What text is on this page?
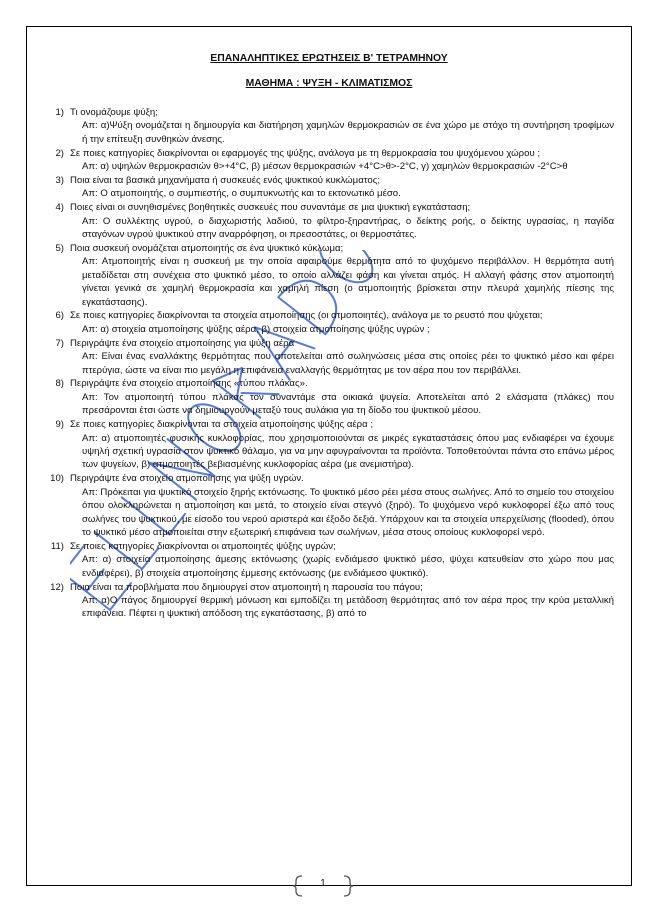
ΕΠΑΝΑΛΗΠΤΙΚΕΣ ΕΡΩΤΗΣΕΙΣ Β' ΤΕΤΡΑΜΗΝΟΥ
ΜΑΘΗΜΑ : ΨΥΞΗ - ΚΛΙΜΑΤΙΣΜΟΣ
1) Τι ονομάζουμε ψύξη;

Απ: α)Ψύξη ονομάζεται η δημιουργία και διατήρηση χαμηλών θερμοκρασιών σε ένα χώρο με στόχο τη συντήρηση τροφίμων ή την επίτευξη συνθηκών άνεσης.

2) Σε ποιες κατηγορίες διακρίνονται οι εφαρμογές της ψύξης, ανάλογα με τη θερμοκρασία του ψυχόμενου χώρου ;

Απ: α) υψηλών θερμοκρασιών θ>+4°C, β) μέσων θερμοκρασιών +4°C>θ>-2°C, γ) χαμηλών θερμοκρασιών -2°C>θ

3) Ποια είναι τα βασικά μηχανήματα ή συσκευές ενός ψυκτικού κυκλώματος;

Απ: Ο ατμοποιητής, ο συμπιεστής, ο συμπυκνωτής και το εκτονωτικό μέσο.

4) Ποιες είναι οι συνηθισμένες βοηθητικές συσκευές που συναντάμε σε μια ψυκτική εγκατάσταση;

Απ: Ο συλλέκτης υγρού, ο διαχωριστής λαδιού, το φίλτρο-ξηραντήρας, ο δείκτης ροής, ο δείκτης υγρασίας, η παγίδα σταγόνων υγρού ψυκτικού στην αναρρόφηση, οι πρεσοστάτες, οι θερμοστάτες.

5) Ποια συσκευή ονομάζεται ατμοποιητής σε ένα ψυκτικό κύκλωμα;

Απ: Ατμοποιητής είναι η συσκευή με την οποία αφαιρούμε θερμότητα από το ψυχόμενο περιβάλλον. Η θερμότητα αυτή μεταδίδεται στη συνέχεια στο ψυκτικό μέσο, το οποίο αλλάζει φάση και γίνεται ατμός. Η αλλαγή φάσης στον ατμοποιητή γίνεται γενικά σε χαμηλή θερμοκρασία και χαμηλή πίεση (ο ατμοποιητής βρίσκεται στην πλευρά χαμηλής πίεσης της εγκατάστασης).

6) Σε ποιες κατηγορίες διακρίνονται τα στοιχεία ατμοποίησης (οι ατμοποιητές), ανάλογα με το ρευστό που ψύχεται;

Απ: α) στοιχεία ατμοποίησης ψύξης αέρα, β) στοιχεία ατμοποίησης ψύξης υγρών ;

7) Περιγράψτε ένα στοιχείο ατμοποίησης για ψύξη αέρα

Απ: Είναι ένας εναλλάκτης θερμότητας που αποτελείται από σωληνώσεις μέσα στις οποίες ρέει το ψυκτικό μέσο και φέρει πτερύγια, ώστε να είναι πιο μεγάλη η επιφάνεια εναλλαγής θερμότητας με τον αέρα που τον περιβάλλει.

8) Περιγράψτε ένα στοιχείο ατμοποίησης «τύπου πλάκας».

Απ: Τον ατμοποιητή τύπου πλάκας τον συναντάμε στα οικιακά ψυγεία. Αποτελείται από 2 ελάσματα (πλάκες) που πρεσάρονται έτσι ώστε να δημιουργούν μεταξύ τους αυλάκια για τη δίοδο του ψυκτικού μέσου.

9) Σε ποιες κατηγορίες διακρίνονται τα στοιχεία ατμοποίησης ψύξης αέρα ;

Απ: α) ατμοποιητές φυσικής κυκλοφορίας, που χρησιμοποιούνται σε μικρές εγκαταστάσεις όπου μας ενδιαφέρει να έχουμε υψηλή σχετική υγρασία στον ψυκτικό θάλαμο, για να μην αφυγραίνονται τα προϊόντα. Τοποθετούνται πάντα στο επάνω μέρος των ψυγείων, β) ατμοποιητές βεβιασμένης κυκλοφορίας αέρα (με ανεμιστήρα).

10) Περιγράψτε ένα στοιχείο ατμοποίησης για ψύξη υγρών.

Απ: Πρόκειται για ψυκτικό στοιχείο ξηρής εκτόνωσης. Το ψυκτικό μέσο ρέει μέσα στους σωλήνες. Από το σημείο του στοιχείου όπου ολοκληρώνεται η ατμοποίηση και μετά, το στοιχείο είναι στεγνό (ξηρό). Το ψυχόμενο νερό κυκλοφορεί έξω από τους σωλήνες του ψυκτικού, με είσοδο του νερού αριστερά και έξοδο δεξιά. Υπάρχουν και τα στοιχεία υπερχείλισης (flooded), όπου το ψυκτικό μέσο ατμοποιείται στην εξωτερική επιφάνεια των σωλήνων, μέσα στους οποίους κυκλοφορεί νερό.

11) Σε ποιες κατηγορίες διακρίνονται οι ατμοποιητές ψύξης υγρών;

Απ: α) στοιχεία ατμοποίησης άμεσης εκτόνωσης (χωρίς ενδιάμεσο ψυκτικό μέσο, ψύχει κατευθείαν στο χώρο που μας ενδιαφέρει), β) στοιχεία ατμοποίησης έμμεσης εκτόνωσης (με ενδιάμεσο ψυκτικό).

12) Ποια είναι τα προβλήματα που δημιουργεί στον ατμοποιητή η παρουσία του πάγου;

Απ: α)Ο πάγος δημιουργεί θερμική μόνωση και εμποδίζει τη μετάδοση θερμότητας από τον αέρα προς την κρύα μεταλλική επιφάνεια. Πέφτει η ψυκτική απόδοση της εγκατάστασης, β) από το

1
